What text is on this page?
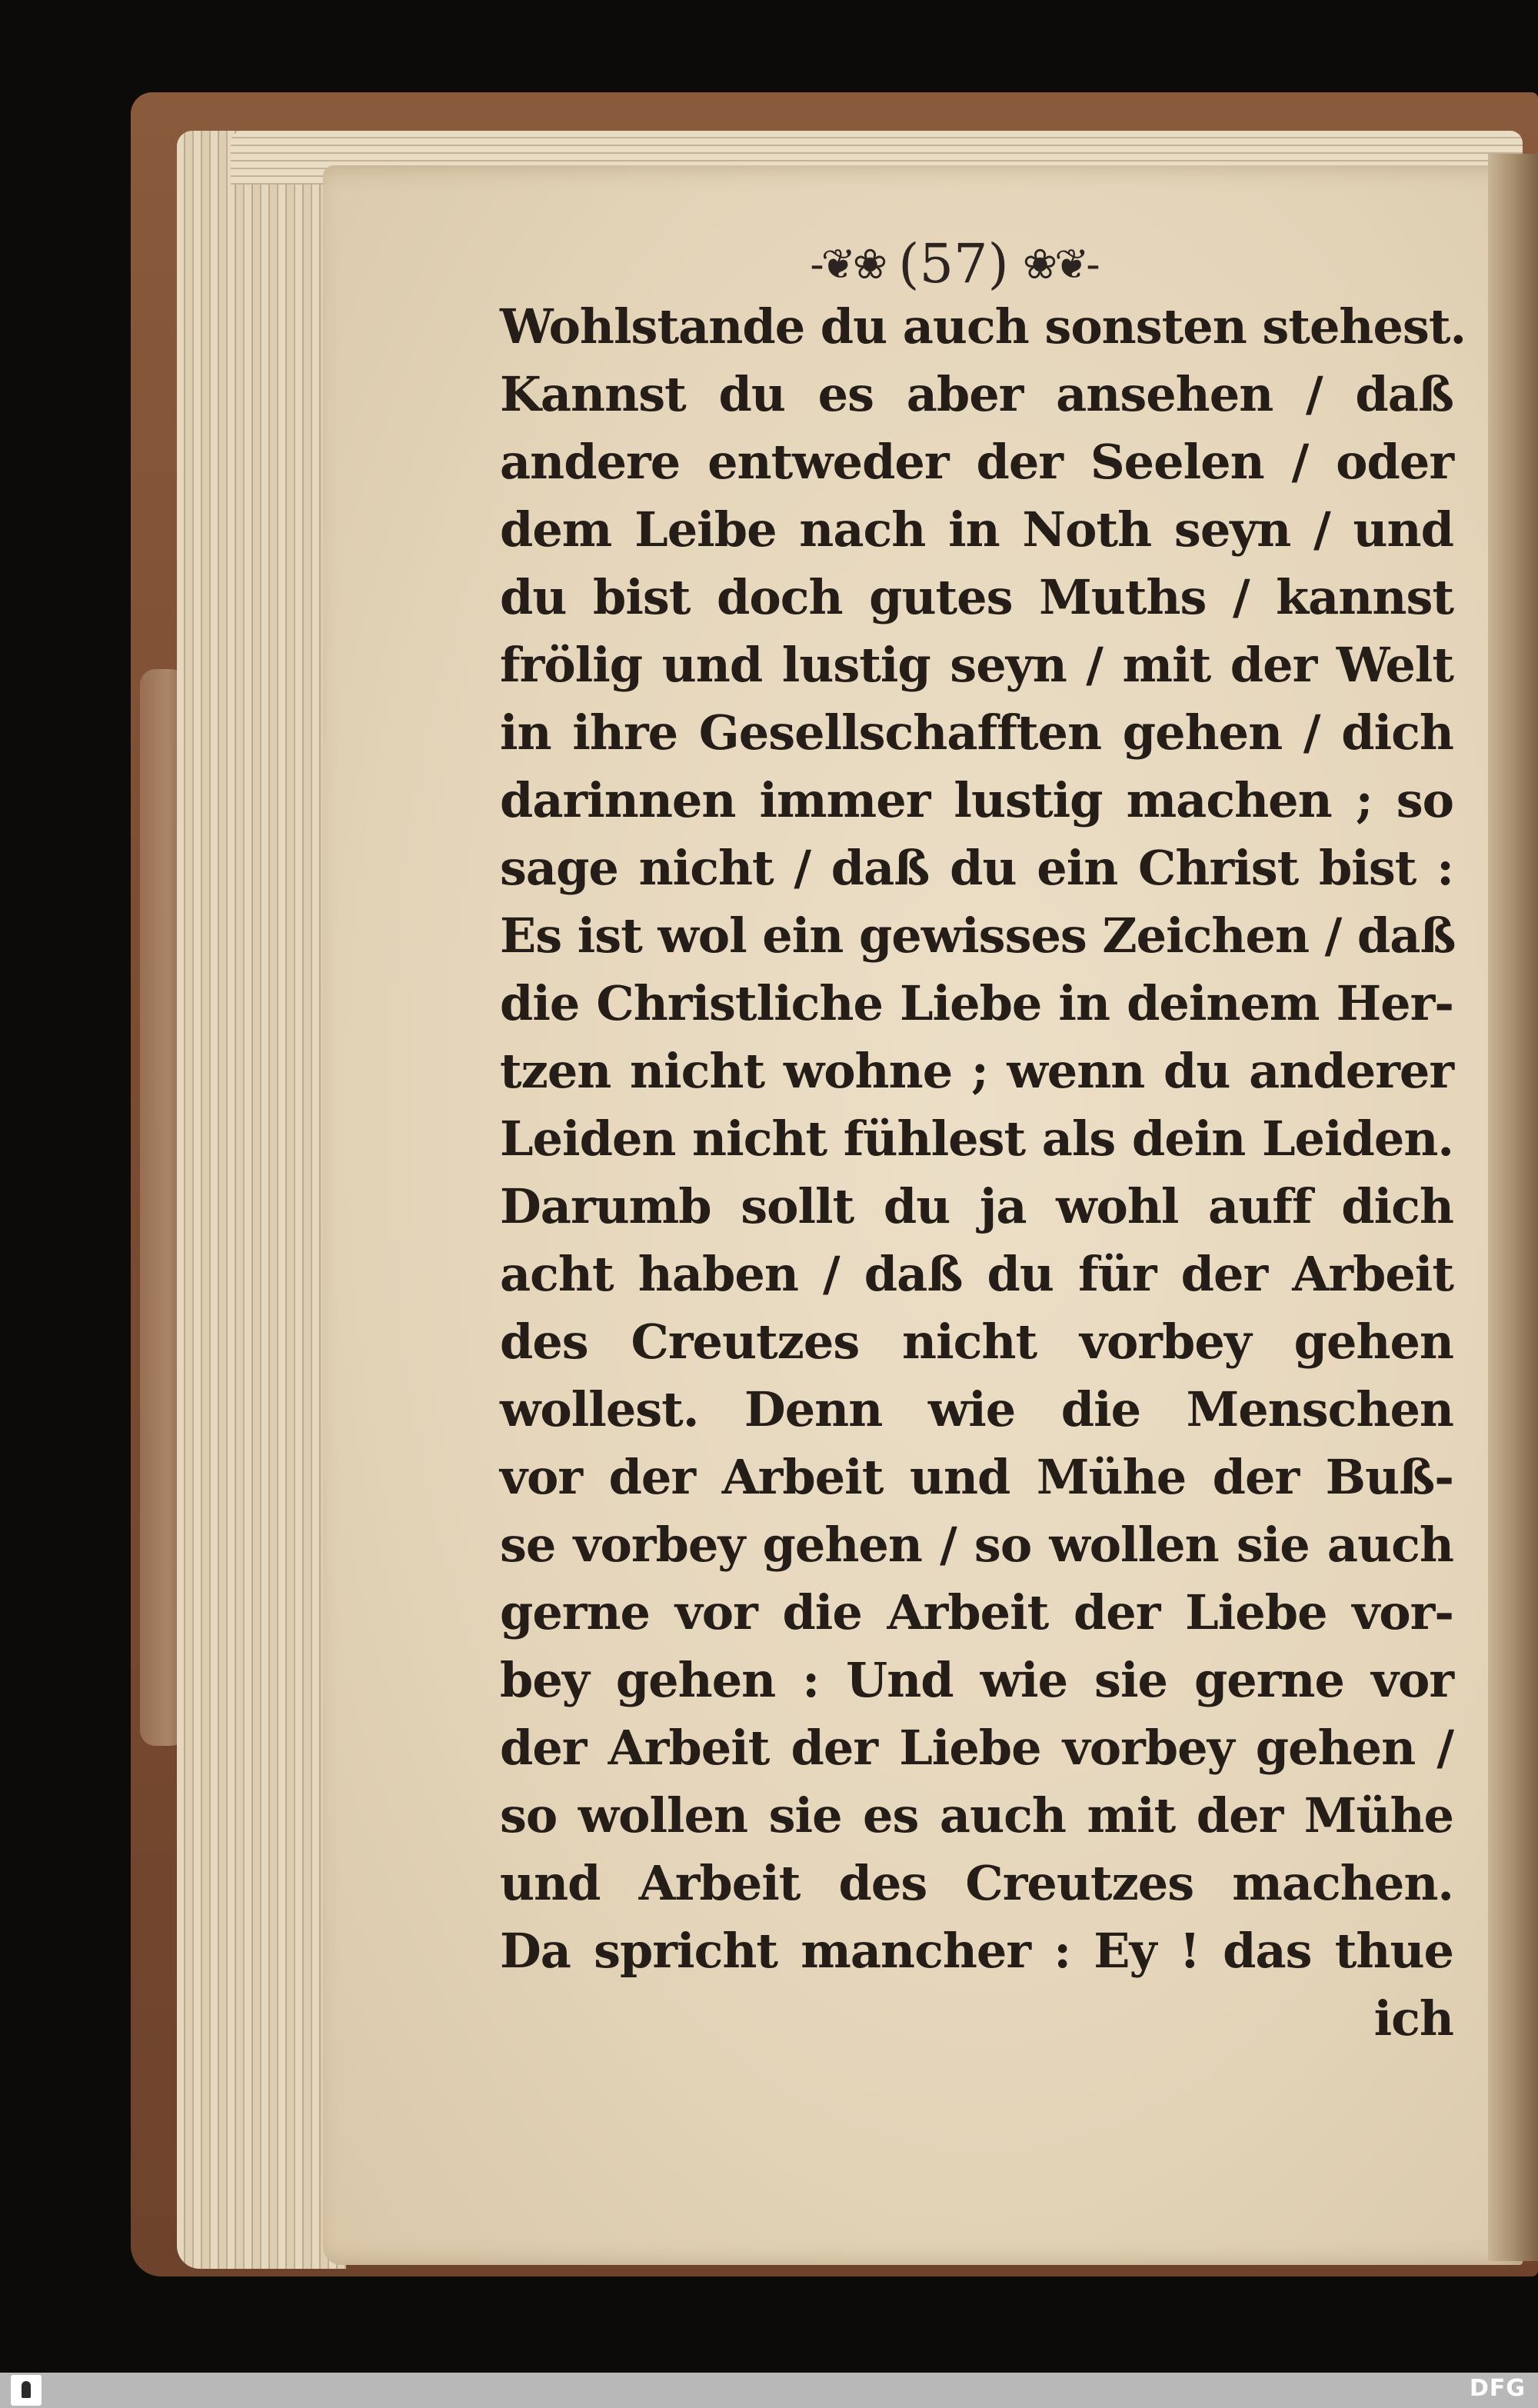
-❦❀ (57) ❀❦-
Wohlstande du auch sonsten stehest.
Kannst du es aber ansehen / daß
andere entweder der Seelen / oder
dem Leibe nach in Noth seyn / und
du bist doch gutes Muths / kannst
frölig und lustig seyn / mit der Welt
in ihre Gesellschafften gehen / dich
darinnen immer lustig machen ; so
sage nicht / daß du ein Christ bist :
Es ist wol ein gewisses Zeichen / daß
die Christliche Liebe in deinem Her-
tzen nicht wohne ; wenn du anderer
Leiden nicht fühlest als dein Leiden.
Darumb sollt du ja wohl auff dich
acht haben / daß du für der Arbeit
des Creutzes nicht vorbey gehen
wollest. Denn wie die Menschen
vor der Arbeit und Mühe der Buß-
se vorbey gehen / so wollen sie auch
gerne vor die Arbeit der Liebe vor-
bey gehen : Und wie sie gerne vor
der Arbeit der Liebe vorbey gehen /
so wollen sie es auch mit der Mühe
und Arbeit des Creutzes machen.
Da spricht mancher : Ey ! das thue
ich
DFG
